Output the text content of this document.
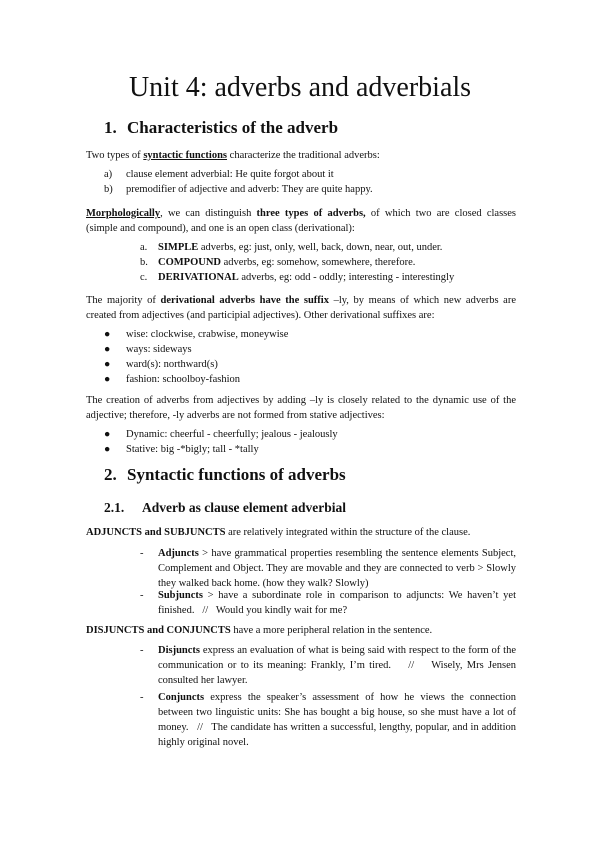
Unit 4: adverbs and adverbials
1. Characteristics of the adverb
Two types of syntactic functions characterize the traditional adverbs:
a) clause element adverbial: He quite forgot about it
b) premodifier of adjective and adverb: They are quite happy.

Morphologically, we can distinguish three types of adverbs, of which two are closed classes (simple and compound), and one is an open class (derivational):

a. SIMPLE adverbs, eg: just, only, well, back, down, near, out, under.
b. COMPOUND adverbs, eg: somehow, somewhere, therefore.
c. DERIVATIONAL adverbs, eg: odd - oddly; interesting - interestingly

The majority of derivational adverbs have the suffix –ly, by means of which new adverbs are created from adjectives (and participial adjectives). Other derivational suffixes are:

● wise: clockwise, crabwise, moneywise
● ways: sideways
● ward(s): northward(s)
● fashion: schoolboy-fashion

The creation of adverbs from adjectives by adding –ly is closely related to the dynamic use of the adjective; therefore, -ly adverbs are not formed from stative adjectives:

● Dynamic: cheerful - cheerfully; jealous - jealously
● Stative: big -*bigly; tall - *tally
2. Syntactic functions of adverbs
2.1. Adverb as clause element adverbial
ADJUNCTS and SUBJUNCTS are relatively integrated within the structure of the clause.
- Adjuncts > have grammatical properties resembling the sentence elements Subject, Complement and Object. They are movable and they are connected to verb > Slowly they walked back home. (how they walk? Slowly)

- Subjuncts > have a subordinate role in comparison to adjuncts: We haven’t yet finished.   //   Would you kindly wait for me?

DISJUNCTS and CONJUNCTS have a more peripheral relation in the sentence.
- Disjuncts express an evaluation of what is being said with respect to the form of the communication or to its meaning: Frankly, I’m tired.    //    Wisely, Mrs Jensen consulted her lawyer.

- Conjuncts express the speaker’s assessment of how he views the connection between two linguistic units: She has bought a big house, so she must have a lot of money.   //   The candidate has written a successful, lengthy, popular, and in addition highly original novel.
